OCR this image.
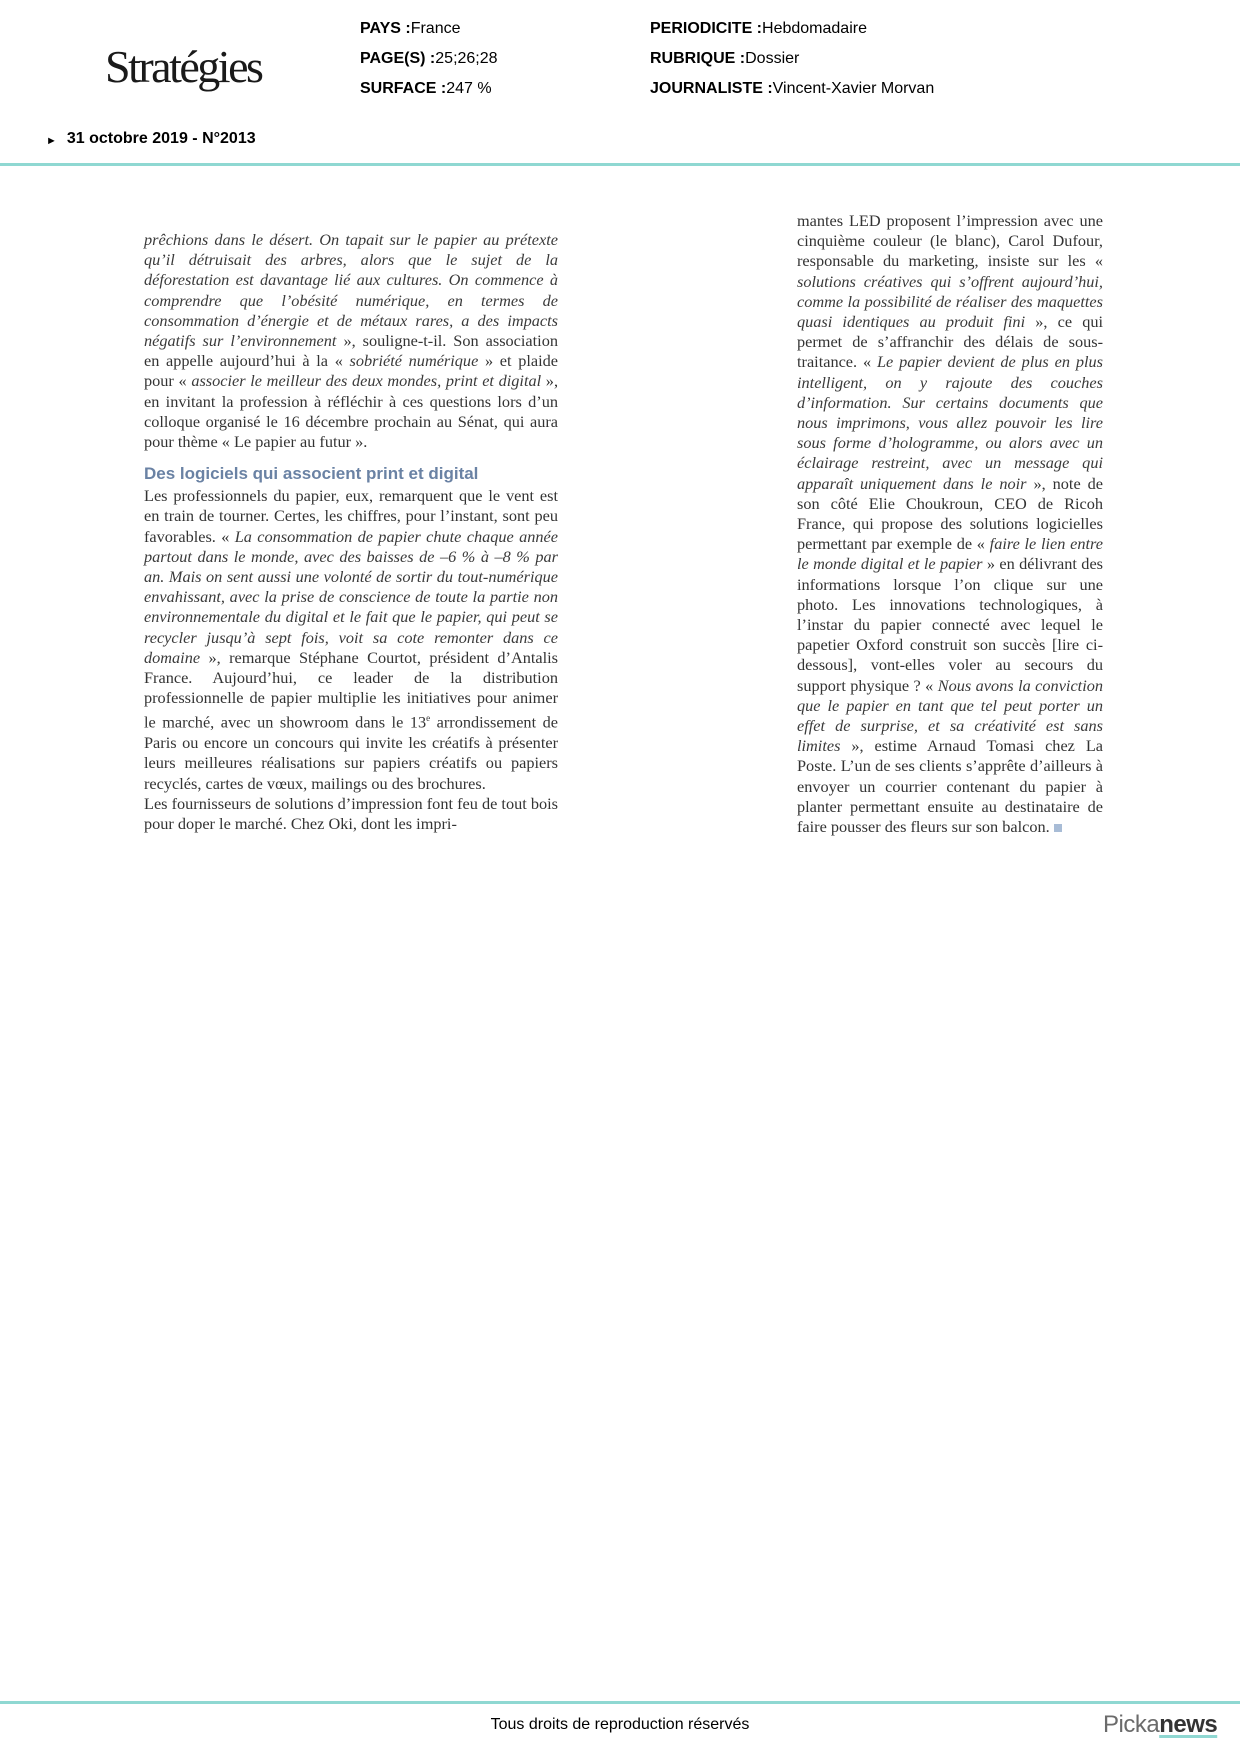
Stratégies
PAYS :France
PAGE(S) :25;26;28
SURFACE :247 %
PERIODICITE :Hebdomadaire
RUBRIQUE :Dossier
JOURNALISTE :Vincent-Xavier Morvan
► 31 octobre 2019 - N°2013

prêchions dans le désert. On tapait sur le papier au prétexte qu’il détruisait des arbres, alors que le sujet de la déforestation est davantage lié aux cultures. On commence à comprendre que l’obésité numérique, en termes de consommation d’énergie et de métaux rares, a des impacts négatifs sur l’environnement », souligne-t-il. Son association en appelle aujourd’hui à la « sobriété numérique » et plaide pour « associer le meilleur des deux mondes, print et digital », en invitant la profession à réfléchir à ces questions lors d’un colloque organisé le 16 décembre prochain au Sénat, qui aura pour thème « Le papier au futur ».

Des logiciels qui associent print et digital

Les professionnels du papier, eux, remarquent que le vent est en train de tourner. Certes, les chiffres, pour l’instant, sont peu favorables. « La consommation de papier chute chaque année partout dans le monde, avec des baisses de –6 % à –8 % par an. Mais on sent aussi une volonté de sortir du tout-numérique envahissant, avec la prise de conscience de toute la partie non environnementale du digital et le fait que le papier, qui peut se recycler jusqu’à sept fois, voit sa cote remonter dans ce domaine », remarque Stéphane Courtot, président d’Antalis France. Aujourd’hui, ce leader de la distribution professionnelle de papier multiplie les initiatives pour animer le marché, avec un showroom dans le 13e arrondissement de Paris ou encore un concours qui invite les créatifs à présenter leurs meilleures réalisations sur papiers créatifs ou papiers recyclés, cartes de vœux, mailings ou des brochures.

Les fournisseurs de solutions d’impression font feu de tout bois pour doper le marché. Chez Oki, dont les impri-

mantes LED proposent l’impression avec une cinquième couleur (le blanc), Carol Dufour, responsable du marketing, insiste sur les « solutions créatives qui s’offrent aujourd’hui, comme la possibilité de réaliser des maquettes quasi identiques au produit fini », ce qui permet de s’affranchir des délais de sous-traitance. « Le papier devient de plus en plus intelligent, on y rajoute des couches d’information. Sur certains documents que nous imprimons, vous allez pouvoir les lire sous forme d’hologramme, ou alors avec un éclairage restreint, avec un message qui apparaît uniquement dans le noir », note de son côté Elie Choukroun, CEO de Ricoh France, qui propose des solutions logicielles permettant par exemple de « faire le lien entre le monde digital et le papier » en délivrant des informations lorsque l’on clique sur une photo. Les innovations technologiques, à l’instar du papier connecté avec lequel le papetier Oxford construit son succès [lire ci-dessous], vont-elles voler au secours du support physique ? « Nous avons la conviction que le papier en tant que tel peut porter un effet de surprise, et sa créativité est sans limites », estime Arnaud Tomasi chez La Poste. L’un de ses clients s’apprête d’ailleurs à envoyer un courrier contenant du papier à planter permettant ensuite au destinataire de faire pousser des fleurs sur son balcon.

Tous droits de reproduction réservés	Pickanews
